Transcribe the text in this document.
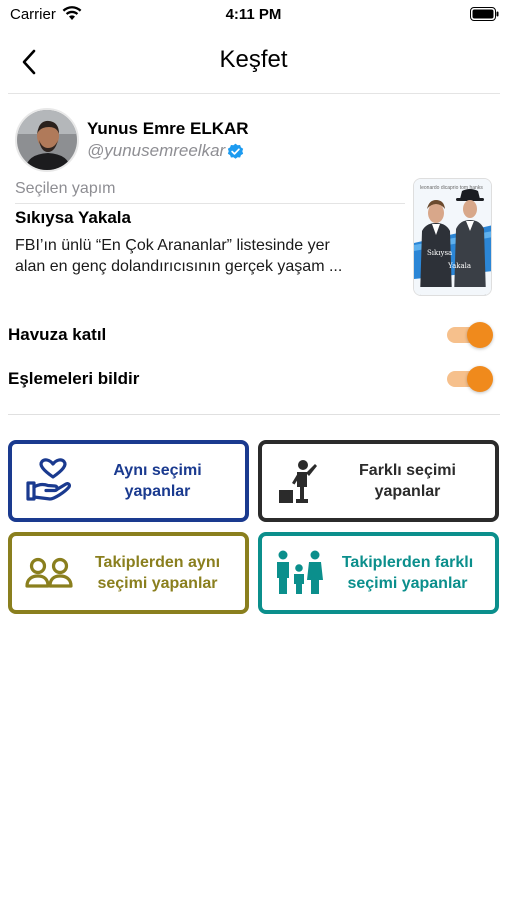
Carrier	4:11 PM
Keşfet
Yunus Emre ELKAR
@yunusemreelkar
Seçilen yapım
Sıkıysa Yakala
FBI’ın ünlü “En Çok Arananlar” listesinde yer
alan en genç dolandırıcısının gerçek yaşam ...
leonardo dicaprio tom hanks
Sıkıysa
Yakala
Havuza katıl
Eşlemeleri bildir
Aynı seçimi
yapanlar
Farklı seçimi
yapanlar
Takiplerden aynı
seçimi yapanlar
Takiplerden farklı
seçimi yapanlar
